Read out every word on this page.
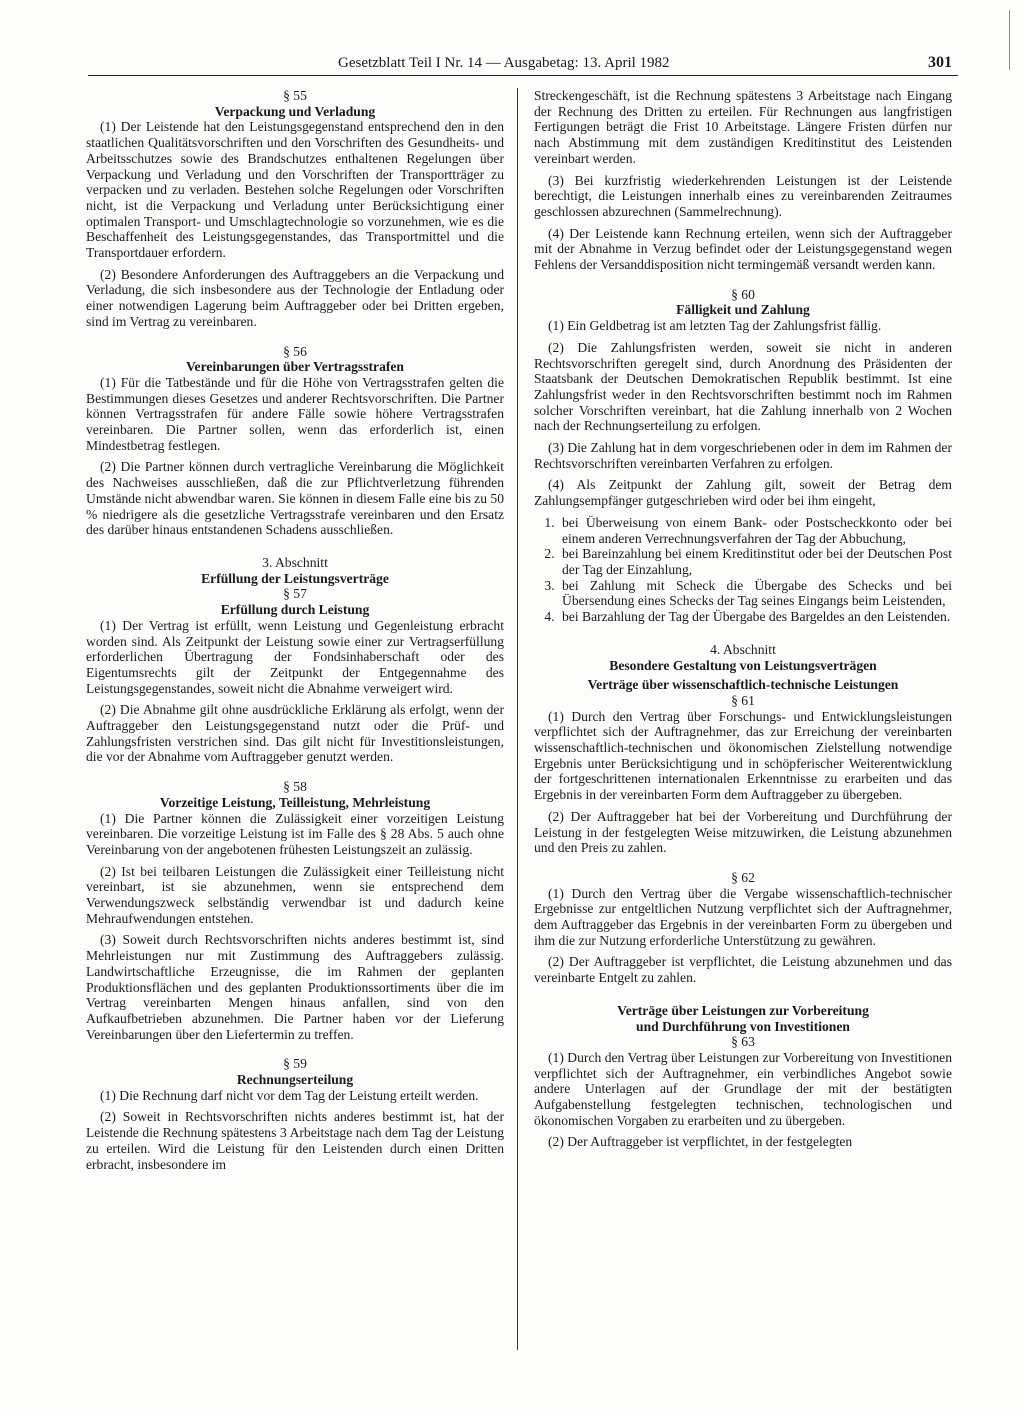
Gesetzblatt Teil I Nr. 14 — Ausgabetag: 13. April 1982	301
§ 55
Verpackung und Verladung

(1) Der Leistende hat den Leistungsgegenstand entsprechend den in den staatlichen Qualitätsvorschriften und den Vorschriften des Gesundheits- und Arbeitsschutzes sowie des Brandschutzes enthaltenen Regelungen über Verpackung und Verladung und den Vorschriften der Transportträger zu verpacken und zu verladen. Bestehen solche Regelungen oder Vorschriften nicht, ist die Verpackung und Verladung unter Berücksichtigung einer optimalen Transport- und Umschlagtechnologie so vorzunehmen, wie es die Beschaffenheit des Leistungsgegenstandes, das Transportmittel und die Transportdauer erfordern.

(2) Besondere Anforderungen des Auftraggebers an die Verpackung und Verladung, die sich insbesondere aus der Technologie der Entladung oder einer notwendigen Lagerung beim Auftraggeber oder bei Dritten ergeben, sind im Vertrag zu vereinbaren.

§ 56
Vereinbarungen über Vertragsstrafen

(1) Für die Tatbestände und für die Höhe von Vertragsstrafen gelten die Bestimmungen dieses Gesetzes und anderer Rechtsvorschriften. Die Partner können Vertragsstrafen für andere Fälle sowie höhere Vertragsstrafen vereinbaren. Die Partner sollen, wenn das erforderlich ist, einen Mindestbetrag festlegen.

(2) Die Partner können durch vertragliche Vereinbarung die Möglichkeit des Nachweises ausschließen, daß die zur Pflichtverletzung führenden Umstände nicht abwendbar waren. Sie können in diesem Falle eine bis zu 50 % niedrigere als die gesetzliche Vertragsstrafe vereinbaren und den Ersatz des darüber hinaus entstandenen Schadens ausschließen.

3. Abschnitt
Erfüllung der Leistungsverträge
§ 57
Erfüllung durch Leistung

(1) Der Vertrag ist erfüllt, wenn Leistung und Gegenleistung erbracht worden sind. Als Zeitpunkt der Leistung sowie einer zur Vertragserfüllung erforderlichen Übertragung der Fondsinhaberschaft oder des Eigentumsrechts gilt der Zeitpunkt der Entgegennahme des Leistungsgegenstandes, soweit nicht die Abnahme verweigert wird.

(2) Die Abnahme gilt ohne ausdrückliche Erklärung als erfolgt, wenn der Auftraggeber den Leistungsgegenstand nutzt oder die Prüf- und Zahlungsfristen verstrichen sind. Das gilt nicht für Investitionsleistungen, die vor der Abnahme vom Auftraggeber genutzt werden.

§ 58
Vorzeitige Leistung, Teilleistung, Mehrleistung

(1) Die Partner können die Zulässigkeit einer vorzeitigen Leistung vereinbaren. Die vorzeitige Leistung ist im Falle des § 28 Abs. 5 auch ohne Vereinbarung von der angebotenen frühesten Leistungszeit an zulässig.

(2) Ist bei teilbaren Leistungen die Zulässigkeit einer Teilleistung nicht vereinbart, ist sie abzunehmen, wenn sie entsprechend dem Verwendungszweck selbständig verwendbar ist und dadurch keine Mehraufwendungen entstehen.

(3) Soweit durch Rechtsvorschriften nichts anderes bestimmt ist, sind Mehrleistungen nur mit Zustimmung des Auftraggebers zulässig. Landwirtschaftliche Erzeugnisse, die im Rahmen der geplanten Produktionsflächen und des geplanten Produktionssortiments über die im Vertrag vereinbarten Mengen hinaus anfallen, sind von den Aufkaufbetrieben abzunehmen. Die Partner haben vor der Lieferung Vereinbarungen über den Liefertermin zu treffen.

§ 59
Rechnungserteilung

(1) Die Rechnung darf nicht vor dem Tag der Leistung erteilt werden.

(2) Soweit in Rechtsvorschriften nichts anderes bestimmt ist, hat der Leistende die Rechnung spätestens 3 Arbeitstage nach dem Tag der Leistung zu erteilen. Wird die Leistung für den Leistenden durch einen Dritten erbracht, insbesondere im

Streckengeschäft, ist die Rechnung spätestens 3 Arbeitstage nach Eingang der Rechnung des Dritten zu erteilen. Für Rechnungen aus langfristigen Fertigungen beträgt die Frist 10 Arbeitstage. Längere Fristen dürfen nur nach Abstimmung mit dem zuständigen Kreditinstitut des Leistenden vereinbart werden.

(3) Bei kurzfristig wiederkehrenden Leistungen ist der Leistende berechtigt, die Leistungen innerhalb eines zu vereinbarenden Zeitraumes geschlossen abzurechnen (Sammelrechnung).

(4) Der Leistende kann Rechnung erteilen, wenn sich der Auftraggeber mit der Abnahme in Verzug befindet oder der Leistungsgegenstand wegen Fehlens der Versanddisposition nicht termingemäß versandt werden kann.

§ 60
Fälligkeit und Zahlung

(1) Ein Geldbetrag ist am letzten Tag der Zahlungsfrist fällig.

(2) Die Zahlungsfristen werden, soweit sie nicht in anderen Rechtsvorschriften geregelt sind, durch Anordnung des Präsidenten der Staatsbank der Deutschen Demokratischen Republik bestimmt. Ist eine Zahlungsfrist weder in den Rechtsvorschriften bestimmt noch im Rahmen solcher Vorschriften vereinbart, hat die Zahlung innerhalb von 2 Wochen nach der Rechnungserteilung zu erfolgen.

(3) Die Zahlung hat in dem vorgeschriebenen oder in dem im Rahmen der Rechtsvorschriften vereinbarten Verfahren zu erfolgen.

(4) Als Zeitpunkt der Zahlung gilt, soweit der Betrag dem Zahlungsempfänger gutgeschrieben wird oder bei ihm eingeht,

1. bei Überweisung von einem Bank- oder Postscheckkonto oder bei einem anderen Verrechnungsverfahren der Tag der Abbuchung,
2. bei Bareinzahlung bei einem Kreditinstitut oder bei der Deutschen Post der Tag der Einzahlung,
3. bei Zahlung mit Scheck die Übergabe des Schecks und bei Übersendung eines Schecks der Tag seines Eingangs beim Leistenden,
4. bei Barzahlung der Tag der Übergabe des Bargeldes an den Leistenden.
4. Abschnitt
Besondere Gestaltung von Leistungsverträgen
Verträge über wissenschaftlich-technische Leistungen
§ 61

(1) Durch den Vertrag über Forschungs- und Entwicklungsleistungen verpflichtet sich der Auftragnehmer, das zur Erreichung der vereinbarten wissenschaftlich-technischen und ökonomischen Zielstellung notwendige Ergebnis unter Berücksichtigung und in schöpferischer Weiterentwicklung der fortgeschrittenen internationalen Erkenntnisse zu erarbeiten und das Ergebnis in der vereinbarten Form dem Auftraggeber zu übergeben.

(2) Der Auftraggeber hat bei der Vorbereitung und Durchführung der Leistung in der festgelegten Weise mitzuwirken, die Leistung abzunehmen und den Preis zu zahlen.

§ 62

(1) Durch den Vertrag über die Vergabe wissenschaftlich-technischer Ergebnisse zur entgeltlichen Nutzung verpflichtet sich der Auftragnehmer, dem Auftraggeber das Ergebnis in der vereinbarten Form zu übergeben und ihm die zur Nutzung erforderliche Unterstützung zu gewähren.

(2) Der Auftraggeber ist verpflichtet, die Leistung abzunehmen und das vereinbarte Entgelt zu zahlen.

Verträge über Leistungen zur Vorbereitung
und Durchführung von Investitionen
§ 63

(1) Durch den Vertrag über Leistungen zur Vorbereitung von Investitionen verpflichtet sich der Auftragnehmer, ein verbindliches Angebot sowie andere Unterlagen auf der Grundlage der mit der bestätigten Aufgabenstellung festgelegten technischen, technologischen und ökonomischen Vorgaben zu erarbeiten und zu übergeben.

(2) Der Auftraggeber ist verpflichtet, in der festgelegten
